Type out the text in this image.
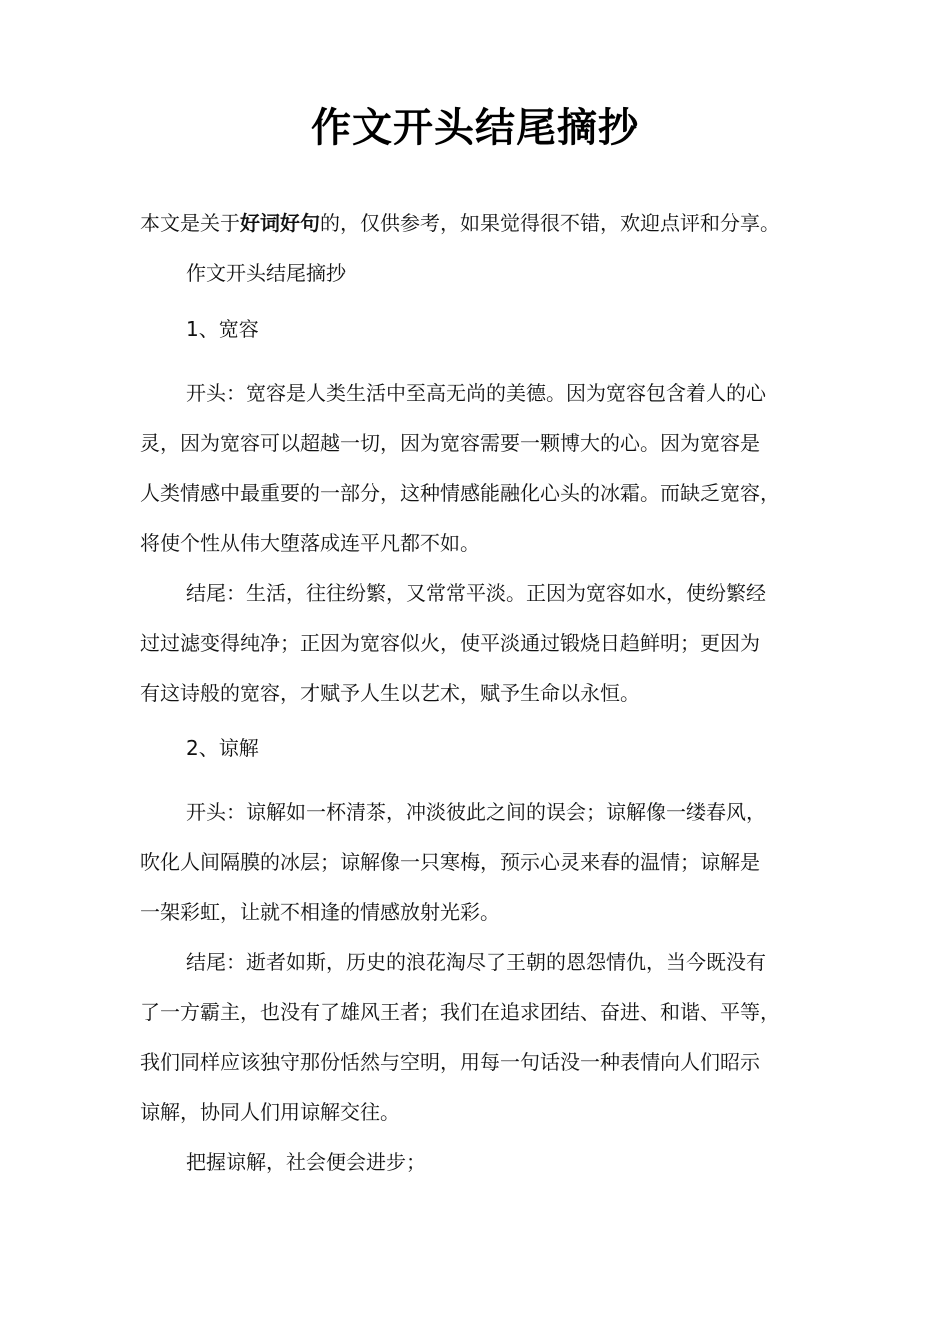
作文开头结尾摘抄
本文是关于好词好句的，仅供参考，如果觉得很不错，欢迎点评和分享。
作文开头结尾摘抄
1、宽容
开头：宽容是人类生活中至高无尚的美德。因为宽容包含着人的心
灵，因为宽容可以超越一切，因为宽容需要一颗博大的心。因为宽容是
人类情感中最重要的一部分，这种情感能融化心头的冰霜。而缺乏宽容，
将使个性从伟大堕落成连平凡都不如。
结尾：生活，往往纷繁，又常常平淡。正因为宽容如水，使纷繁经
过过滤变得纯净；正因为宽容似火，使平淡通过锻烧日趋鲜明；更因为
有这诗般的宽容，才赋予人生以艺术，赋予生命以永恒。
2、谅解
开头：谅解如一杯清茶，冲淡彼此之间的误会；谅解像一缕春风，
吹化人间隔膜的冰层；谅解像一只寒梅，预示心灵来春的温情；谅解是
一架彩虹，让就不相逢的情感放射光彩。
结尾：逝者如斯，历史的浪花淘尽了王朝的恩怨情仇，当今既没有
了一方霸主，也没有了雄风王者；我们在追求团结、奋进、和谐、平等，
我们同样应该独守那份恬然与空明，用每一句话没一种表情向人们昭示
谅解，协同人们用谅解交往。
把握谅解，社会便会进步；
